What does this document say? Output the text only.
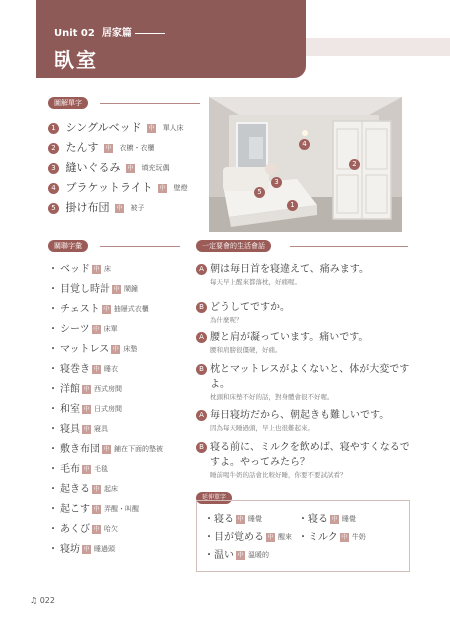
Unit 02 居家篇
臥室
圖解單字
1 シングルベッド 中 單人床
2 たんす 中 衣櫥・衣櫃
3 縫いぐるみ 中 填充玩偶
4 ブラケットライト 中 壁燈
5 掛け布団 中 被子	1
2
3
4
5
關聯字彙
・ ベッド 中 床
・ 目覚し時計 中 鬧鐘
・ チェスト 中 抽屜式衣櫃
・ シーツ 中 床單
・ マットレス 中 床墊
・ 寝巻き 中 睡衣
・ 洋館 中 西式房間
・ 和室 中 日式房間
・ 寝具 中 寢具
・ 敷き布団 中 鋪在下面的墊被
・ 毛布 中 毛毯
・ 起きる 中 起床
・ 起こす 中 弄醒・叫醒
・ あくび 中 哈欠
・ 寝坊 中 睡過頭
一定要會的生活會話
A 朝は毎日首を寝違えて、痛みます。
每天早上醒來都落枕，好痛喔。
B どうしてですか。
為什麼呢？
A 腰と肩が凝っています。痛いです。
腰和肩膀很僵硬，好痛。
B 枕とマットレスがよくないと、体が大変です
よ。
枕頭和床墊不好的話，對身體會很不好喔。
A 毎日寝坊だから、朝起きも難しいです。
因為每天睡過頭，早上也很難起來。
B 寝る前に、ミルクを飲めば、寝やすくなるで
すよ。やってみたら？
睡前喝牛奶的話會比較好睡，你要不要試試看？
延伸單字
・寝る 中 睡覺	・寝る 中 睡覺
・目が覚める 中 醒來 ・ミルク 中 牛奶
・温い 中 溫暖的
♫ 022
